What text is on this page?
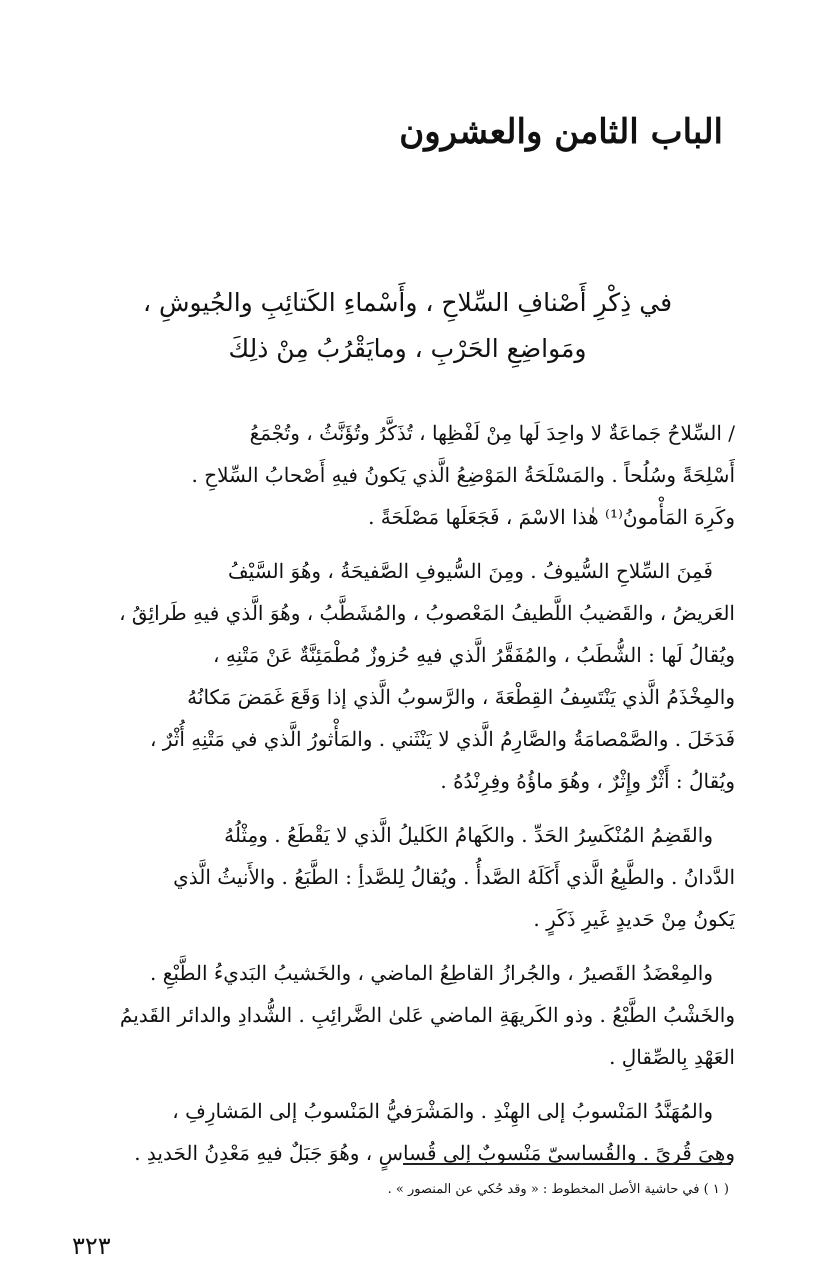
الباب الثامن والعشرون
في ذِكْرِ أَصْنافِ السِّلاحِ ، وأَسْماءِ الكَتائِبِ والجُيوشِ ،
ومَواضِعِ الحَرْبِ ، ومايَقْرُبُ مِنْ ذلِكَ

/ السِّلاحُ جَماعَةٌ لا واحِدَ لَها مِنْ لَفْظِها ، تُذَكَّرُ وتُؤَنَّثُ ، وتُجْمَعُ
أَسْلِحَةً وسُلُحاً . والمَسْلَحَةُ المَوْضِعُ الَّذي يَكونُ فيهِ أَصْحابُ السِّلاحِ .
وكَرِهَ المَأْمونُ⁽¹⁾ هٰذا الاسْمَ ، فَجَعَلَها مَصْلَحَةً .

فَمِنَ السِّلاحِ السُّيوفُ . ومِنَ السُّيوفِ الصَّفيحَةُ ، وهُوَ السَّيْفُ
العَريضُ ، والقَضيبُ اللَّطيفُ المَعْصوبُ ، والمُشَطَّبُ ، وهُوَ الَّذي فيهِ طَرائِقُ ،
ويُقالُ لَها : الشُّطَبُ ، والمُفَقَّرُ الَّذي فيهِ حُزوزٌ مُطْمَئِنَّةٌ عَنْ مَتْنِهِ ،
والمِخْذَمُ الَّذي يَنْتَسِفُ القِطْعَةَ ، والرَّسوبُ الَّذي إذا وَقَعَ غَمَضَ مَكانُهُ
فَدَخَلَ . والصَّمْصامَةُ والصَّارِمُ الَّذي لا يَنْثَني . والمَأْثورُ الَّذي في مَتْنِهِ أُثْرٌ ،
ويُقالُ : أَثْرٌ وإِثْرٌ ، وهُوَ ماؤُهُ وفِرِنْدُهُ .

والقَضِمُ المُنْكَسِرُ الحَدِّ . والكَهامُ الكَليلُ الَّذي لا يَقْطَعُ . ومِثْلُهُ
الدَّدانُ . والطَّبِعُ الَّذي أَكَلَهُ الصَّدأُ . ويُقالُ لِلصَّدأِ : الطَّبَعُ . والأَنيثُ الَّذي
يَكونُ مِنْ حَديدٍ غَيرِ ذَكَرٍ .

والمِعْضَدُ القَصيرُ ، والجُرازُ القاطِعُ الماضي ، والخَشيبُ البَديءُ الطَّبْعِ .
والخَشْبُ الطَّبْعُ . وذو الكَريهَةِ الماضي عَلىٰ الضَّرائِبِ . الشُّدادِ والدائر القَديمُ
العَهْدِ بِالصِّقالِ .

والمُهَنَّدُ المَنْسوبُ إلى الهِنْدِ . والمَشْرَفيُّ المَنْسوبُ إلى المَشارِفِ ،
وهِيَ قُرىً . والقُساسيّ مَنْسوبٌ إلى قُساسٍ ، وهُوَ جَبَلٌ فيهِ مَعْدِنُ الحَديدِ .

( ١ ) في حاشية الأصل المخطوط : « وقد حُكي عن المنصور » .
٣٢٣
